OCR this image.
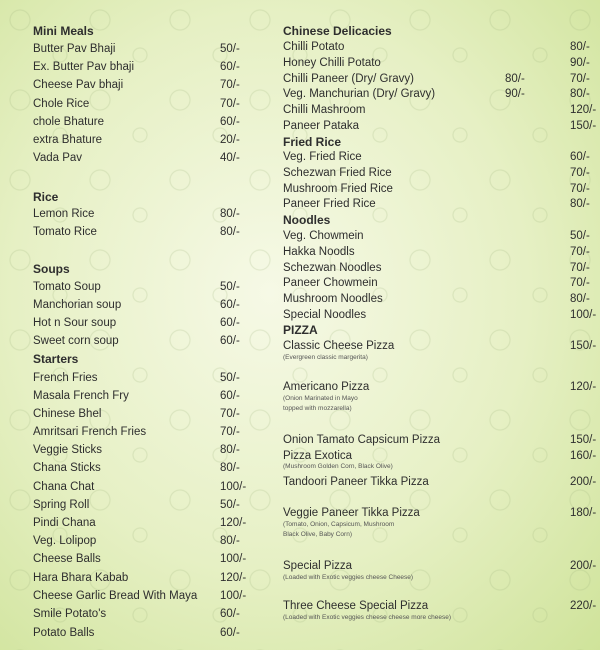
Mini Meals
Butter Pav Bhaji	50/-
Ex. Butter Pav bhaji	60/-
Cheese Pav bhaji	70/-
Chole Rice	70/-
chole Bhature	60/-
extra Bhature	20/-
Vada Pav	40/-
Rice
Lemon Rice	80/-
Tomato Rice	80/-
Soups
Tomato Soup	50/-
Manchorian soup	60/-
Hot n Sour soup	60/-
Sweet corn soup	60/-
Starters
French Fries	50/-
Masala French Fry	60/-
Chinese Bhel	70/-
Amritsari French Fries	70/-
Veggie Sticks	80/-
Chana Sticks	80/-
Chana Chat	100/-
Spring Roll	50/-
Pindi Chana	120/-
Veg. Lolipop	80/-
Cheese Balls	100/-
Hara Bhara Kabab	120/-
Cheese Garlic Bread With Maya 100/-
Smile Potato's	60/-
Potato Balls	60/-
Chinese Delicacies
Chilli Potato	80/-
Honey Chilli Potato	90/-
Chilli Paneer (Dry/ Gravy)	80/-	70/-
Veg. Manchurian (Dry/ Gravy)	90/-	80/-
Chilli Mashroom	120/-
Paneer Pataka	150/-
Fried Rice
Veg. Fried Rice	60/-
Schezwan Fried Rice	70/-
Mushroom Fried Rice	70/-
Paneer Fried Rice	80/-
Noodles
Veg. Chowmein	50/-
Hakka Noodls	70/-
Schezwan Noodles	70/-
Paneer Chowmein	70/-
Mushroom Noodles	80/-
Special Noodles	100/-
PIZZA
Classic Cheese Pizza	150/-
(Evergreen classic margerita)
Americano Pizza	120/-
(Onion Marinated in Mayo
topped with mozzarella)
Onion Tamato Capsicum Pizza	150/-
Pizza Exotica	160/-
(Mushroom Golden Corn, Black Olive)
Tandoori Paneer Tikka Pizza	200/-
Veggie Paneer Tikka Pizza	180/-
(Tomato, Onion, Capsicum, Mushroom
Black Olive, Baby Corn)
Special Pizza	200/-
(Loaded with Exotic veggies cheese Cheese)
Three Cheese Special Pizza	220/-
(Loaded with Exotic veggies cheese cheese more cheese)
